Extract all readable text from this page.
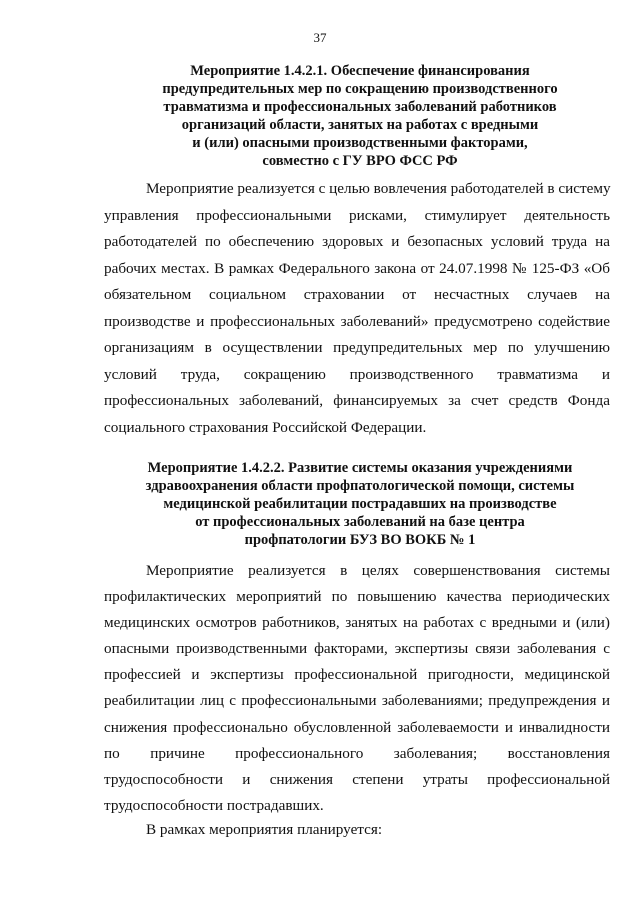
37
Мероприятие 1.4.2.1. Обеспечение финансирования
предупредительных мер по сокращению производственного
травматизма и профессиональных заболеваний работников
организаций области, занятых на работах с вредными
и (или) опасными производственными факторами,
совместно с ГУ ВРО ФСС РФ
Мероприятие реализуется с целью вовлечения работодателей в систему
управления профессиональными рисками, стимулирует деятельность
работодателей по обеспечению здоровых и безопасных условий труда на
рабочих местах. В рамках Федерального закона от 24.07.1998 № 125-ФЗ «Об
обязательном социальном страховании от несчастных случаев на
производстве и профессиональных заболеваний» предусмотрено содействие
организациям в осуществлении предупредительных мер по улучшению
условий труда, сокращению производственного травматизма и
профессиональных заболеваний, финансируемых за счет средств Фонда
социального страхования Российской Федерации.
Мероприятие 1.4.2.2. Развитие системы оказания учреждениями
здравоохранения области профпатологической помощи, системы
медицинской реабилитации пострадавших на производстве
от профессиональных заболеваний на базе центра
профпатологии БУЗ ВО ВОКБ № 1
Мероприятие реализуется в целях совершенствования системы
профилактических мероприятий по повышению качества периодических
медицинских осмотров работников, занятых на работах с вредными и (или)
опасными производственными факторами, экспертизы связи заболевания с
профессией и экспертизы профессиональной пригодности, медицинской
реабилитации лиц с профессиональными заболеваниями; предупреждения и
снижения профессионально обусловленной заболеваемости и инвалидности
по причине профессионального заболевания; восстановления
трудоспособности и снижения степени утраты профессиональной
трудоспособности пострадавших.
В рамках мероприятия планируется:
